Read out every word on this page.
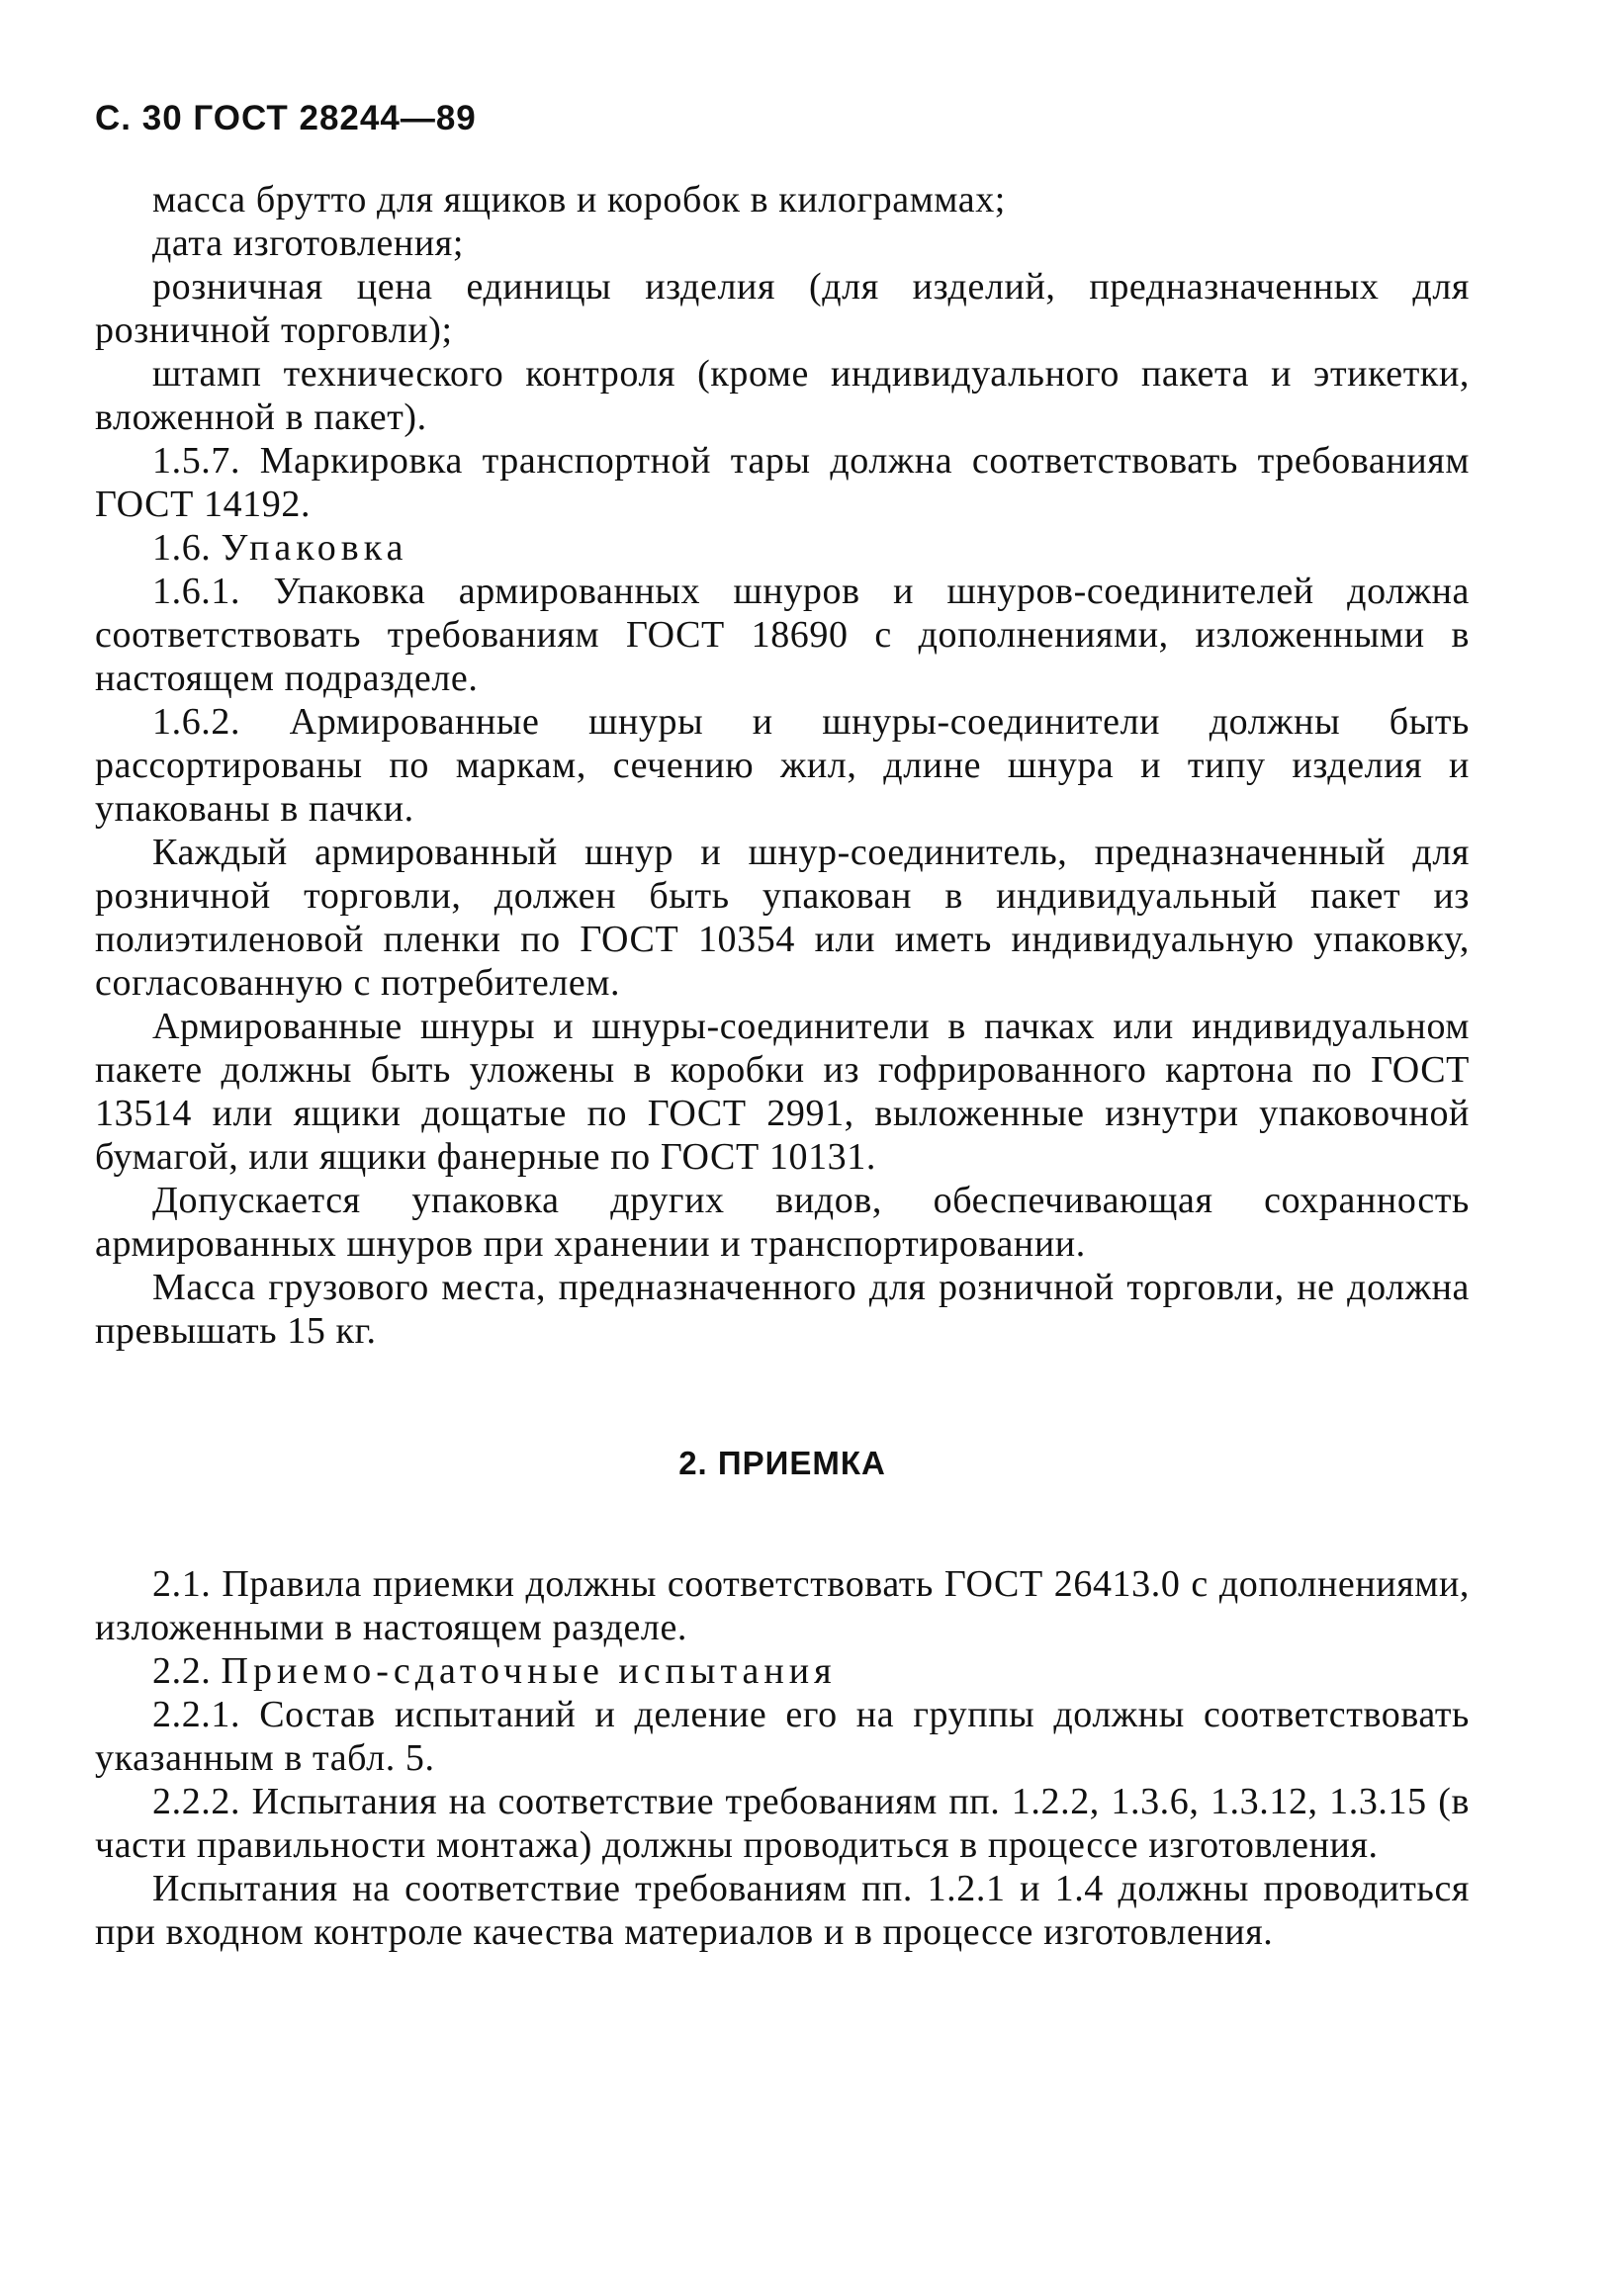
С. 30 ГОСТ 28244—89

масса брутто для ящиков и коробок в килограммах;

дата изготовления;

розничная цена единицы изделия (для изделий, предназначенных для розничной торговли);

штамп технического контроля (кроме индивидуального пакета и этикетки, вложенной в пакет).

1.5.7. Маркировка транспортной тары должна соответствовать требованиям ГОСТ 14192.

1.6. Упаковка

1.6.1. Упаковка армированных шнуров и шнуров-соединителей должна соответствовать требованиям ГОСТ 18690 с дополнениями, изложенными в настоящем подразделе.

1.6.2. Армированные шнуры и шнуры-соединители должны быть рассортированы по маркам, сечению жил, длине шнура и типу изделия и упакованы в пачки.

Каждый армированный шнур и шнур-соединитель, предназначенный для розничной торговли, должен быть упакован в индивидуальный пакет из полиэтиленовой пленки по ГОСТ 10354 или иметь индивидуальную упаковку, согласованную с потребителем.

Армированные шнуры и шнуры-соединители в пачках или индивидуальном пакете должны быть уложены в коробки из гофрированного картона по ГОСТ 13514 или ящики дощатые по ГОСТ 2991, выложенные изнутри упаковочной бумагой, или ящики фанерные по ГОСТ 10131.

Допускается упаковка других видов, обеспечивающая сохранность армированных шнуров при хранении и транспортировании.

Масса грузового места, предназначенного для розничной торговли, не должна превышать 15 кг.

2. ПРИЕМКА

2.1. Правила приемки должны соответствовать ГОСТ 26413.0 с дополнениями, изложенными в настоящем разделе.

2.2. Приемо-сдаточные испытания

2.2.1. Состав испытаний и деление его на группы должны соответствовать указанным в табл. 5.

2.2.2. Испытания на соответствие требованиям пп. 1.2.2, 1.3.6, 1.3.12, 1.3.15 (в части правильности монтажа) должны проводиться в процессе изготовления.

Испытания на соответствие требованиям пп. 1.2.1 и 1.4 должны проводиться при входном контроле качества материалов и в процессе изготовления.
